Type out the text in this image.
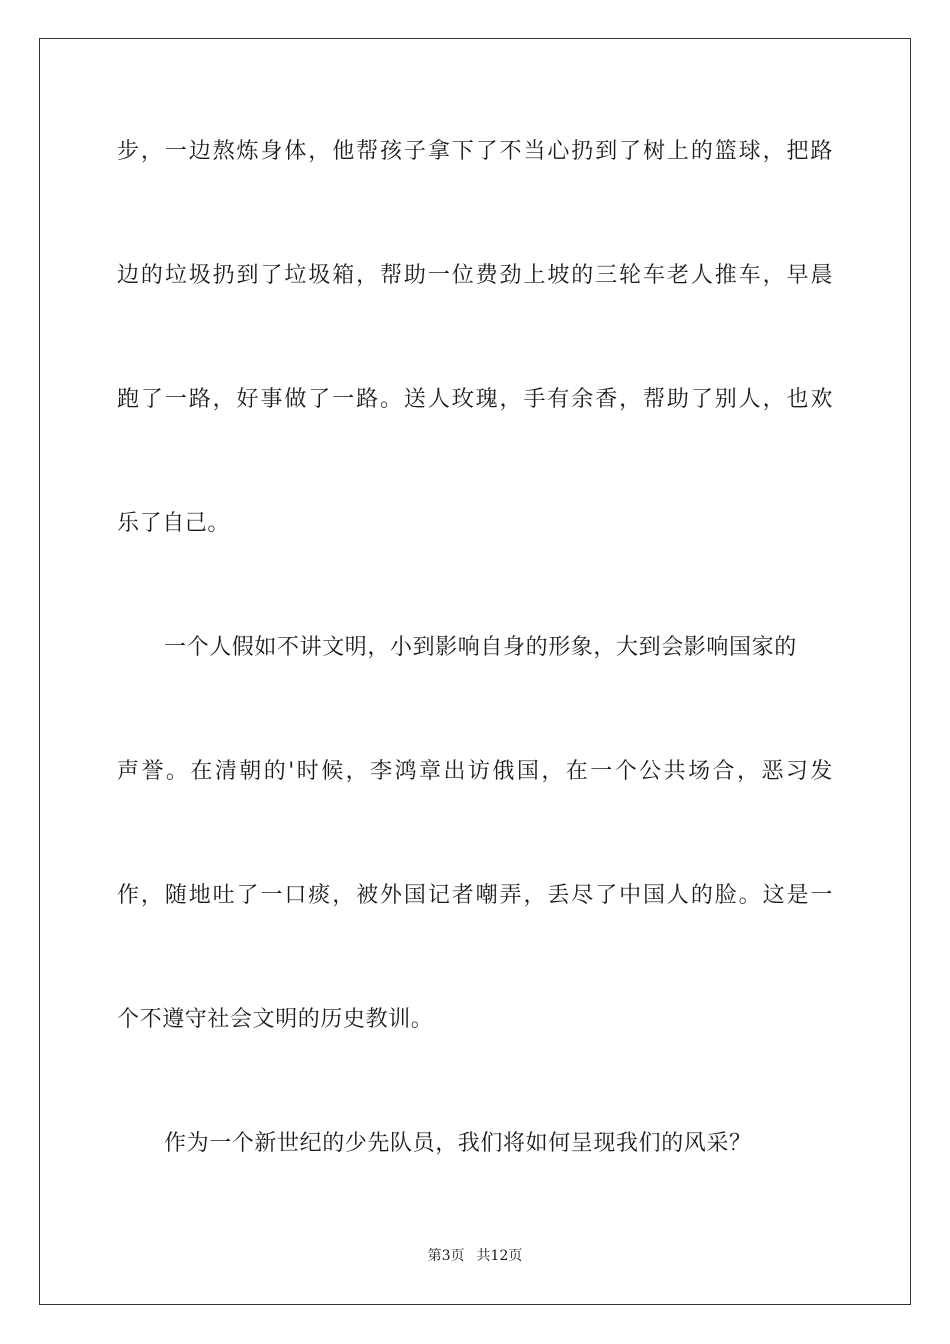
步，一边熬炼身体，他帮孩子拿下了不当心扔到了树上的篮球，把路
边的垃圾扔到了垃圾箱，帮助一位费劲上坡的三轮车老人推车，早晨
跑了一路，好事做了一路。送人玫瑰，手有余香，帮助了别人，也欢
乐了自己。
一个人假如不讲文明，小到影响自身的形象，大到会影响国家的
声誉。在清朝的'时候，李鸿章出访俄国，在一个公共场合，恶习发
作，随地吐了一口痰，被外国记者嘲弄，丢尽了中国人的脸。这是一
个不遵守社会文明的历史教训。
作为一个新世纪的少先队员，我们将如何呈现我们的风采？
第3页 共12页
